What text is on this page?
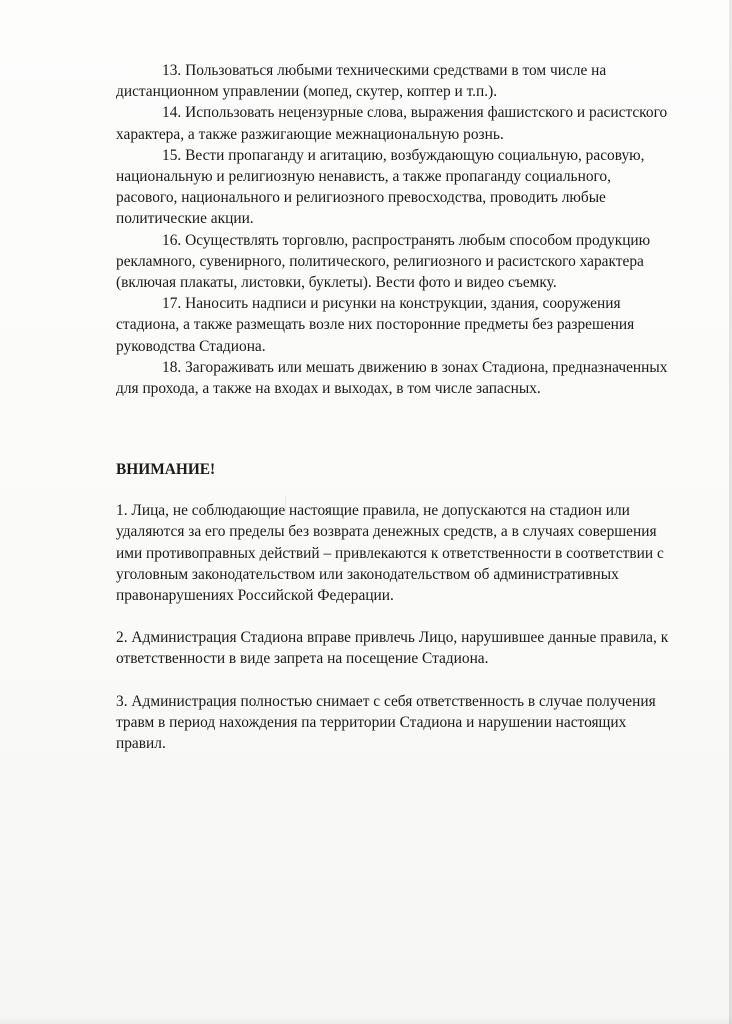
13. Пользоваться любыми техническими средствами в том числе на дистанционном управлении (мопед, скутер, коптер и т.п.).

14. Использовать нецензурные слова, выражения фашистского и расистского характера, а также разжигающие межнациональную рознь.

15. Вести пропаганду и агитацию, возбуждающую социальную, расовую, национальную и религиозную ненависть, а также пропаганду социального, расового, национального и религиозного превосходства, проводить любые политические акции.

16. Осуществлять торговлю, распространять любым способом продукцию рекламного, сувенирного, политического, религиозного и расистского характера (включая плакаты, листовки, буклеты). Вести фото и видео съемку.

17. Наносить надписи и рисунки на конструкции, здания, сооружения стадиона, а также размещать возле них посторонние предметы без разрешения руководства Стадиона.

18. Загораживать или мешать движению в зонах Стадиона, предназначенных для прохода, а также на входах и выходах, в том числе запасных.

ВНИМАНИЕ!

1. Лица, не соблюдающие настоящие правила, не допускаются на стадион или удаляются за его пределы без возврата денежных средств, а в случаях совершения ими противоправных действий – привлекаются к ответственности в соответствии с уголовным законодательством или законодательством об административных правонарушениях Российской Федерации.

2. Администрация Стадиона вправе привлечь Лицо, нарушившее данные правила, к ответственности в виде запрета на посещение Стадиона.

3. Администрация полностью снимает с себя ответственность в случае получения травм в период нахождения па территории Стадиона и нарушении настоящих правил.
